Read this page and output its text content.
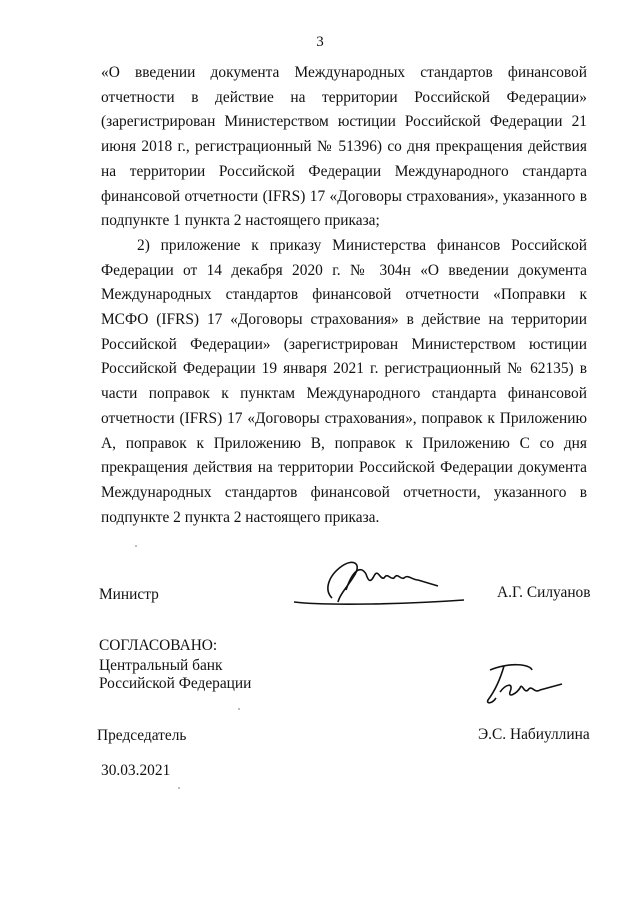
3

«О введении документа Международных стандартов финансовой отчетности в действие на территории Российской Федерации» (зарегистрирован Министерством юстиции Российской Федерации 21 июня 2018 г., регистрационный № 51396) со дня прекращения действия на территории Российской Федерации Международного стандарта финансовой отчетности (IFRS) 17 «Договоры страхования», указанного в подпункте 1 пункта 2 настоящего приказа;

2) приложение к приказу Министерства финансов Российской Федерации от 14 декабря 2020 г. № 304н «О введении документа Международных стандартов финансовой отчетности «Поправки к МСФО (IFRS) 17 «Договоры страхования» в действие на территории Российской Федерации» (зарегистрирован Министерством юстиции Российской Федерации 19 января 2021 г. регистрационный № 62135) в части поправок к пунктам Международного стандарта финансовой отчетности (IFRS) 17 «Договоры страхования», поправок к Приложению A, поправок к Приложению B, поправок к Приложению C со дня прекращения действия на территории Российской Федерации документа Международных стандартов финансовой отчетности, указанного в подпункте 2 пункта 2 настоящего приказа.

Министр	А.Г. Силуанов
СОГЛАСОВАНО:
Центральный банк
Российской Федерации
Председатель	Э.С. Набиуллина
30.03.2021
